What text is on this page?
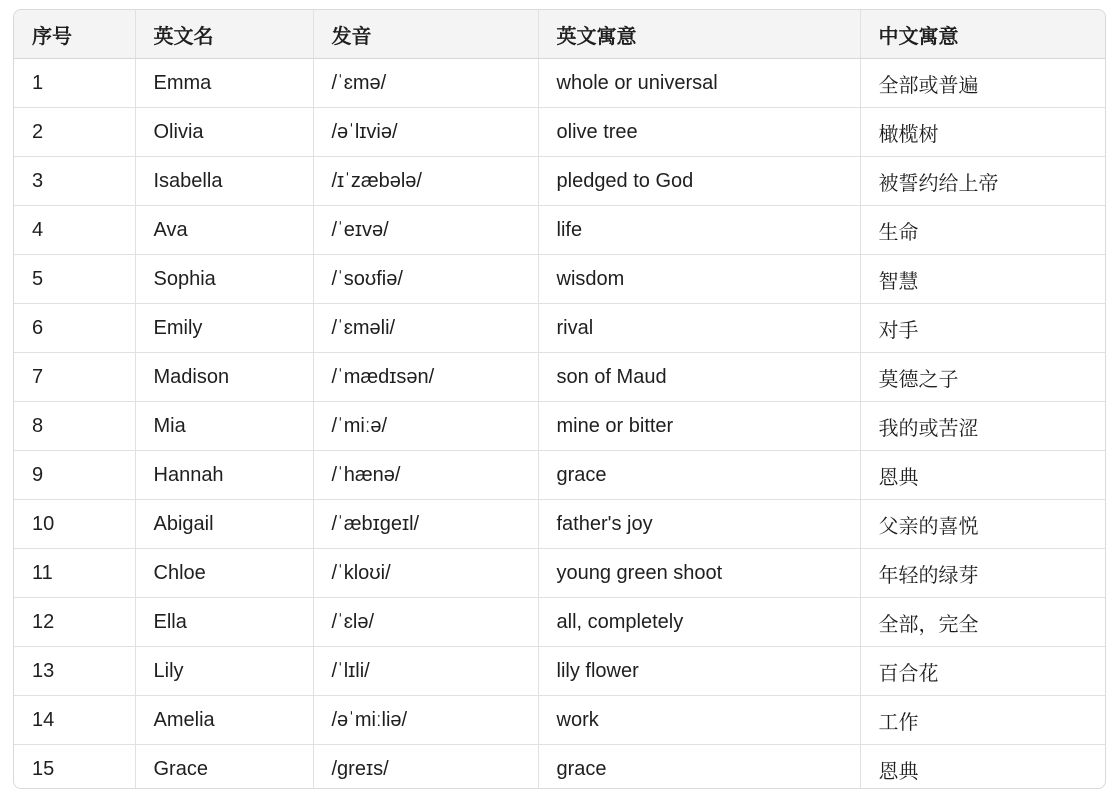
序号	英文名	发音	英文寓意	中文寓意
1	Emma	/ˈɛmə/	whole or universal	全部或普遍
2	Olivia	/əˈlɪviə/	olive tree	橄榄树
3	Isabella	/ɪˈzæbələ/	pledged to God	被誓约给上帝
4	Ava	/ˈeɪvə/	life	生命
5	Sophia	/ˈsoʊfiə/	wisdom	智慧
6	Emily	/ˈɛməli/	rival	对手
7	Madison	/ˈmædɪsən/	son of Maud	莫德之子
8	Mia	/ˈmiːə/	mine or bitter	我的或苦涩
9	Hannah	/ˈhænə/	grace	恩典
10	Abigail	/ˈæbɪɡeɪl/	father's joy	父亲的喜悦
11	Chloe	/ˈkloʊi/	young green shoot	年轻的绿芽
12	Ella	/ˈɛlə/	all, completely	全部，完全
13	Lily	/ˈlɪli/	lily flower	百合花
14	Amelia	/əˈmiːliə/	work	工作
15	Grace	/ɡreɪs/	grace	恩典
